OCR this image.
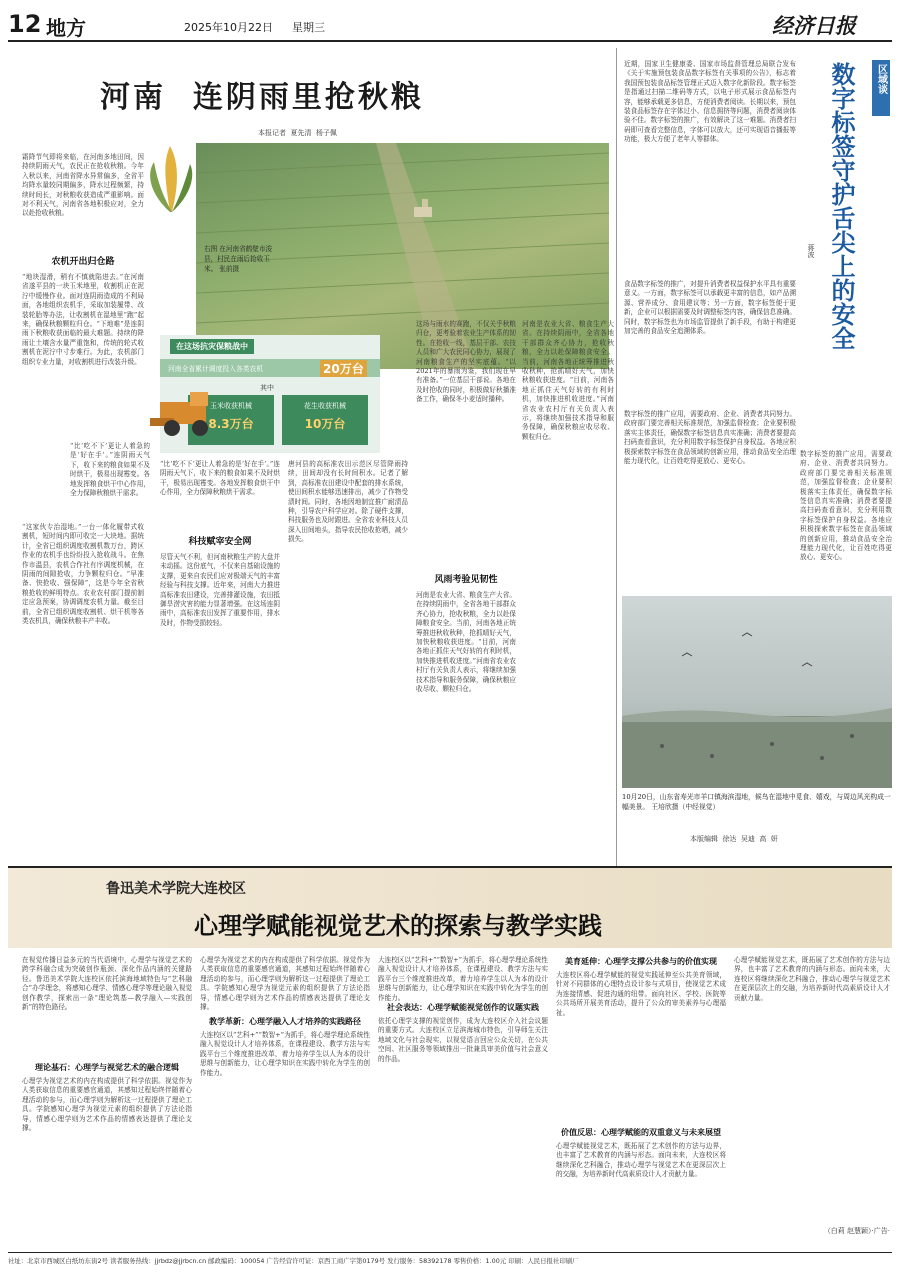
12 地方	2025年10月22日 星期三	经济日报
河南  连阴雨里抢秋粮
本报记者  夏先清  杨子佩
霜降节气即将来临，在河南多地田间，因持续阴雨天气，农民正在抢收秋粮。今年入秋以来，河南省降水异常偏多，全省平均降水量较同期偏多，降水过程频繁，持续时间长，对秋粮收获造成严重影响。面对不利天气，河南省各地积极应对，全力以赴抢收秋粮。
右图 在河南省鹤壁市浚县，村民在雨后抢收玉米。 张前摄
在这场抗灾保粮战中
河南全省累计调度投入各类农机	20万台
其中
玉米收获机械
8.3万台
花生收获机械
10万台
农机开出归仓路
“地块湿滑，稍有不慎就陷进去。”在河南省遂平县的一块玉米地里，收割机正在泥泞中缓慢作业。面对连阴雨造成的不利局面，各地组织农机手，采取加装履带、改装轮胎等办法，让收割机在湿地里“跑”起来，确保秋粮颗粒归仓。“下地难”是连阴雨下秋粮收获面临的最大难题。持续的降雨让土壤含水量严重饱和，传统的轮式收割机在泥泞中寸步难行。为此，农机部门组织专业力量，对收割机进行改装升级。
“这家伙专治湿地。”一台一体化履带式收割机，短时间内即可收完一大块地。据统计，全省已组织调度收割机数万台，跨区作业的农机手也纷纷投入抢收战斗。在焦作市温县，农机合作社有序调度机械，在阴雨的间隙抢收，力争颗粒归仓。“早准备、快抢收、强保障”，这是今年全省秋粮抢收的鲜明特点。农业农村部门提前制定应急预案，协调调度农机力量。截至目前，全省已组织调度收割机、烘干机等各类农机具，确保秋粮丰产丰收。
“比‘吃不下’更让人着急的是‘好在手’。”连阴雨天气下，收下来的粮食如果不及时烘干，极易出现霉变。各地发挥粮食烘干中心作用，全力保障秋粮烘干需求。
“比‘吃不下’更让人着急的是‘好在手’。”连阴雨天气下，收下来的粮食如果不及时烘干，极易出现霉变。各地发挥粮食烘干中心作用，全力保障秋粮烘干需求。
科技赋宰安全网
尽管天气不利，但河南秋粮生产的大盘并未动摇。这份底气，不仅来自基础设施的支撑，更来自农民们应对极端天气的丰富经验与科技支撑。近年来，河南大力推进高标准农田建设，完善排灌设施，农田抵御旱涝灾害的能力显著增强。在这场连阴雨中，高标准农田发挥了重要作用，排水及时，作物受损较轻。
唐河县的高标准农田示范区尽管降雨持续，田间却没有长时间积水。记者了解到，高标准农田建设中配套的排水系统，使田间积水能够迅速排出，减少了作物受渍时间。同时，各地因地制宜推广耐渍品种，引导农户科学应对。除了硬件支撑，科技服务也及时跟进。全省农业科技人员深入田间地头，指导农民抢收抢晒，减少损失。
这场与雨水的赛跑，不仅关乎秋粮归仓，更考验着农业生产体系的韧性。在抢收一线，基层干部、农技人员和广大农民同心协力，展现了河南粮食生产的坚实底蕴。“以2021年的暴雨为鉴，我们现在早有准备。”一位基层干部说。各地在及时抢收的同时，积极做好秋播准备工作，确保冬小麦适时播种。
风雨考验见韧性
河南是农业大省、粮食生产大省。在持续阴雨中，全省各地干部群众齐心协力，抢收秋粮，全力以赴保障粮食安全。当前，河南各地正统筹推进秋收秋种，抢抓晴好天气，加快秋粮收获进度。“目前，河南各地正抓住天气好转的有利时机，加快推进机收进度。”河南省农业农村厅有关负责人表示，将继续加强技术指导和服务保障，确保秋粮应收尽收、颗粒归仓。
河南是农业大省、粮食生产大省。在持续阴雨中，全省各地干部群众齐心协力，抢收秋粮，全力以赴保障粮食安全。当前，河南各地正统筹推进秋收秋种，抢抓晴好天气，加快秋粮收获进度。“目前，河南各地正抓住天气好转的有利时机，加快推进机收进度。”河南省农业农村厅有关负责人表示，将继续加强技术指导和服务保障，确保秋粮应收尽收、颗粒归仓。
区域谈
数字标签守护舌尖上的安全
蒋波
近期，国家卫生健康委、国家市场监督管理总局联合发布《关于实施预包装食品数字标签有关事项的公告》，标志着我国预包装食品标签管理正式迈入数字化新阶段。数字标签是指通过扫描二维码等方式，以电子形式展示食品标签内容，能够承载更多信息，方便消费者阅读。长期以来，预包装食品标签存在字体过小、信息拥挤等问题，消费者阅读体验不佳。数字标签的推广，有效解决了这一难题。消费者扫码即可查看完整信息，字体可以放大，还可实现语音播报等功能，极大方便了老年人等群体。
食品数字标签的推广，对提升消费者权益保护水平具有重要意义。一方面，数字标签可以承载更丰富的信息，如产品溯源、营养成分、食用建议等；另一方面，数字标签便于更新，企业可以根据需要及时调整标签内容，确保信息准确。同时，数字标签也为市场监管提供了新手段，有助于构建更加完善的食品安全追溯体系。
数字标签的推广应用，需要政府、企业、消费者共同努力。政府部门要完善相关标准规范，加强监督检查；企业要积极落实主体责任，确保数字标签信息真实准确；消费者要提高扫码查看意识，充分利用数字标签保护自身权益。各地应积极探索数字标签在食品领域的创新应用，推动食品安全治理能力现代化，让百姓吃得更放心、更安心。
数字标签的推广应用，需要政府、企业、消费者共同努力。政府部门要完善相关标准规范，加强监督检查；企业要积极落实主体责任，确保数字标签信息真实准确；消费者要提高扫码查看意识，充分利用数字标签保护自身权益。各地应积极探索数字标签在食品领域的创新应用，推动食品安全治理能力现代化，让百姓吃得更放心、更安心。
10月20日，山东省寿光市羊口镇海滨湿地，候鸟在湿地中觅食、嬉戏，与周边风光构成一幅美景。 王培欣摄（中经视觉）
本版编辑  徐达  吴迪  高  妍
鲁迅美术学院大连校区
心理学赋能视觉艺术的探索与教学实践
在视觉传播日益多元的当代语境中，心理学与视觉艺术的跨学科融合成为突破创作瓶颈、深化作品内涵的关键路径。鲁迅美术学院大连校区依托滨海地域特色与“艺科融合”办学理念，将感知心理学、情感心理学等理论融入视觉创作教学，探索出一条“理论筑基—教学融入—实践创新”的特色路径。
理论基石：心理学与视觉艺术的融合逻辑
心理学为视觉艺术的内在构成提供了科学依据。视觉作为人类获取信息的重要感官通道，其感知过程始终伴随着心理活动的参与，而心理学则为解析这一过程提供了理论工具。学院感知心理学为视觉元素的组织提供了方法论指导，情感心理学则为艺术作品的情感表达提供了理论支撑。
心理学为视觉艺术的内在构成提供了科学依据。视觉作为人类获取信息的重要感官通道，其感知过程始终伴随着心理活动的参与，而心理学则为解析这一过程提供了理论工具。学院感知心理学为视觉元素的组织提供了方法论指导，情感心理学则为艺术作品的情感表达提供了理论支撑。
教学革新：心理学融入人才培养的实践路径
大连校区以“艺科+”“数智+”为抓手，将心理学理论系统性融入视觉设计人才培养体系，在课程建设、教学方法与实践平台三个维度推进改革，着力培养学生以人为本的设计思维与创新能力，让心理学知识在实践中转化为学生的创作能力。
大连校区以“艺科+”“数智+”为抓手，将心理学理论系统性融入视觉设计人才培养体系，在课程建设、教学方法与实践平台三个维度推进改革，着力培养学生以人为本的设计思维与创新能力，让心理学知识在实践中转化为学生的创作能力。
社会表达：心理学赋能视觉创作的议题实践
依托心理学支撑的视觉创作，成为大连校区介入社会议题的重要方式。大连校区立足滨海城市特色，引导师生关注地域文化与社会现实，以视觉语言回应公众关切，在公共空间、社区服务等领域推出一批兼具审美价值与社会意义的作品。
美育延伸：心理学支撑公共参与的价值实现
大连校区将心理学赋能的视觉实践延伸至公共美育领域，针对不同群体的心理特点设计参与式项目，使视觉艺术成为连接情感、促进沟通的纽带。面向社区、学校、医院等公共场所开展美育活动，提升了公众的审美素养与心理福祉。
价值反思：心理学赋能的双重意义与未来展望
心理学赋能视觉艺术，既拓展了艺术创作的方法与边界，也丰富了艺术教育的内涵与形态。面向未来，大连校区将继续深化艺科融合，推动心理学与视觉艺术在更深层次上的交融，为培养新时代高素质设计人才贡献力量。
心理学赋能视觉艺术，既拓展了艺术创作的方法与边界，也丰富了艺术教育的内涵与形态。面向未来，大连校区将继续深化艺科融合，推动心理学与视觉艺术在更深层次上的交融，为培养新时代高素质设计人才贡献力量。
（白莉 赵慧颖）·广告·
社址：北京市西城区白纸坊东街2号 读者服务热线：jjrbdz@jjrbcn.cn 邮政编码：100054 广告经营许可证：京西工商广字第0179号 发行服务：58392178 零售价格：1.00元 印刷：人民日报社印刷厂
